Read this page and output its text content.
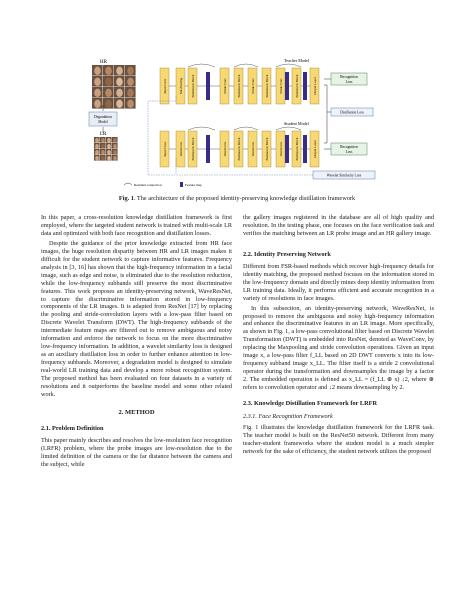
HR
Degradation
Model
LR
Input Conv	MaxPooling Bottleneck Block	Stride Conv	Bottleneck Block	Stride Conv	Bottleneck Block	Stride Conv	Bottleneck Block	Output Layer
Teacher Model
Input Conv	WaveConv Bottleneck Block	WaveConv	Bottleneck Block	WaveConv	Bottleneck Block	WaveConv	Bottleneck Block	Output Layer
Student Model
Recognition
Loss
Distillation Loss
Recognition
Loss
Wavelet Similarity Loss
Residual connection	Feature map
Fig. 1. The architecture of the proposed identity-preserving knowledge distillation framework

In this paper, a cross-resolution knowledge distillation framework is first employed, where the targeted student network is trained with multi-scale LR data and optimized with both face recognition and distillation losses.

Despite the guidance of the prior knowledge extracted from HR face images, the huge resolution disparity between HR and LR images makes it difficult for the student network to capture informative features. Frequency analysis in [3, 16] has shown that the high-frequency information in a facial image, such as edge and noise, is eliminated due to the resolution reduction, while the low-frequency subbands still preserve the most discriminative features. This work proposes an identity-preserving network, WaveResNet, to capture the discriminative information stored in low-frequency components of the LR images. It is adapted from ResNet [17] by replacing the pooling and stride-convolution layers with a low-pass filter based on Discrete Wavelet Transform (DWT). The high-frequency subbands of the intermediate feature maps are filtered out to remove ambiguous and noisy information and enforce the network to focus on the more discriminative low-frequency information. In addition, a wavelet similarity loss is designed as an auxiliary distillation loss in order to further enhance attention in low-frequency subbands. Moreover, a degradation model is designed to simulate real-world LR training data and develop a more robust recognition system. The proposed method has been evaluated on four datasets in a variety of resolutions and it outperforms the baseline model and some other related work.

2. METHOD
2.1. Problem Definition

This paper mainly describes and resolves the low-resolution face recognition (LRFR) problem, where the probe images are low-resolution due to the limited definition of the camera or the far distance between the camera and the subject, while

the gallery images registered in the database are all of high quality and resolution. In the testing phase, one focuses on the face verification task and verifies the matching between an LR probe image and an HR gallery image.

2.2. Identity Preserving Network

Different from FSR-based methods which recover high-frequency details for identity matching, the proposed method focuses on the information stored in the low-frequency domain and directly mines deep identity information from LR training data. Ideally, it performs efficient and accurate recognition in a variety of resolutions in face images.

In this subsection, an identity-preserving network, WaveResNet, is proposed to remove the ambiguous and noisy high-frequency information and enhance the discriminative features in an LR image. More specifically, as shown in Fig. 1, a low-pass convolutional filter based on Discrete Wavelet Transformation (DWT) is embedded into ResNet, denoted as WaveConv, by replacing the Maxpooling and stride convolution operations. Given an input image x, a low-pass filter f_LL based on 2D DWT converts x into its low-frequency subband image x_LL. The filter itself is a stride 2 convolutional operator during the transformation and downsamples the image by a factor 2. The embedded operation is defined as x_LL = (f_LL ⊛ x) ↓2, where ⊛ refers to convolution operator and ↓2 means downsampling by 2.

2.3. Knowledge Distillation Framework for LRFR
2.3.1. Face Recognition Framework

Fig. 1 illustrates the knowledge distillation framework for the LRFR task. The teacher model is built on the ResNet50 network. Different from many teacher-student frameworks where the student model is a much simpler network for the sake of efficiency, the student network utilizes the proposed
